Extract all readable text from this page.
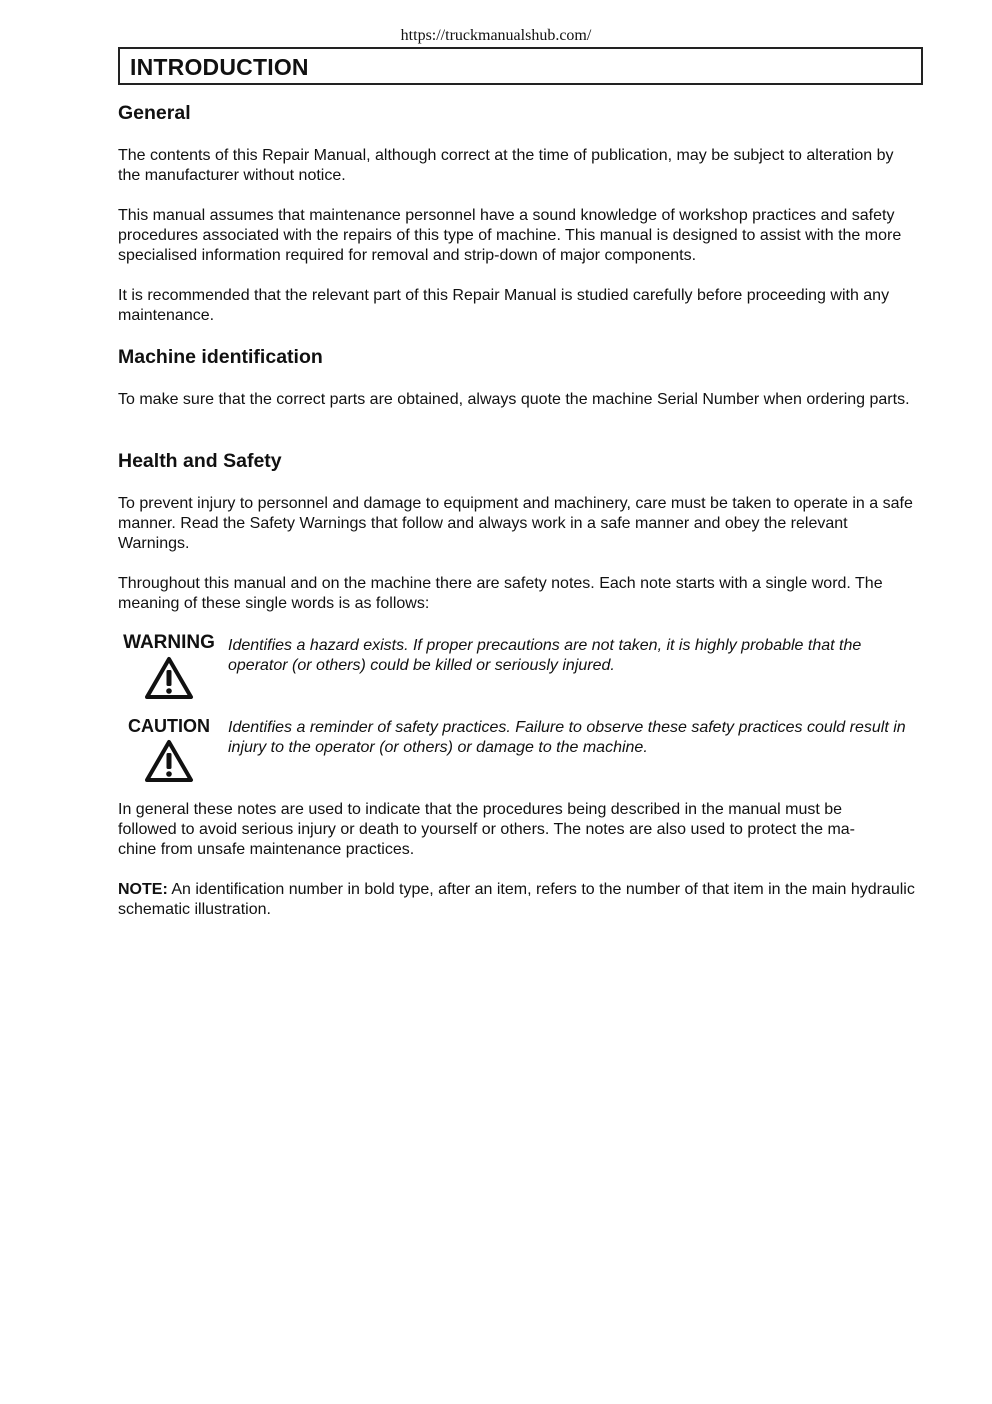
https://truckmanualshub.com/
INTRODUCTION
General

The contents of this Repair Manual, although correct at the time of publication, may be subject to alteration by the manufacturer without notice.

This manual assumes that maintenance personnel have a sound knowledge of workshop practices and safety procedures associated with the repairs of this type of machine. This manual is designed to assist with the more specialised information required for removal and strip-down of major components.

It is recommended that the relevant part of this Repair Manual is studied carefully before proceeding with any maintenance.

Machine identification

To make sure that the correct parts are obtained, always quote the machine Serial Number when ordering parts.

Health and Safety

To prevent injury to personnel and damage to equipment and machinery, care must be taken to operate in a safe manner. Read the Safety Warnings that follow and always work in a safe manner and obey the relevant Warnings.

Throughout this manual and on the machine there are safety notes. Each note starts with a single word. The meaning of these single words is as follows:

WARNING Identifies a hazard exists. If proper precautions are not taken, it is highly probable that the operator (or others) could be killed or seriously injured.
CAUTION	Identifies a reminder of safety practices. Failure to observe these safety practices could result in injury to the operator (or others) or damage to the machine.

In general these notes are used to indicate that the procedures being described in the manual must be

followed to avoid serious injury or death to yourself or others. The notes are also used to protect the ma-

chine from unsafe maintenance practices.

NOTE: An identification number in bold type, after an item, refers to the number of that item in the main hydraulic schematic illustration.
